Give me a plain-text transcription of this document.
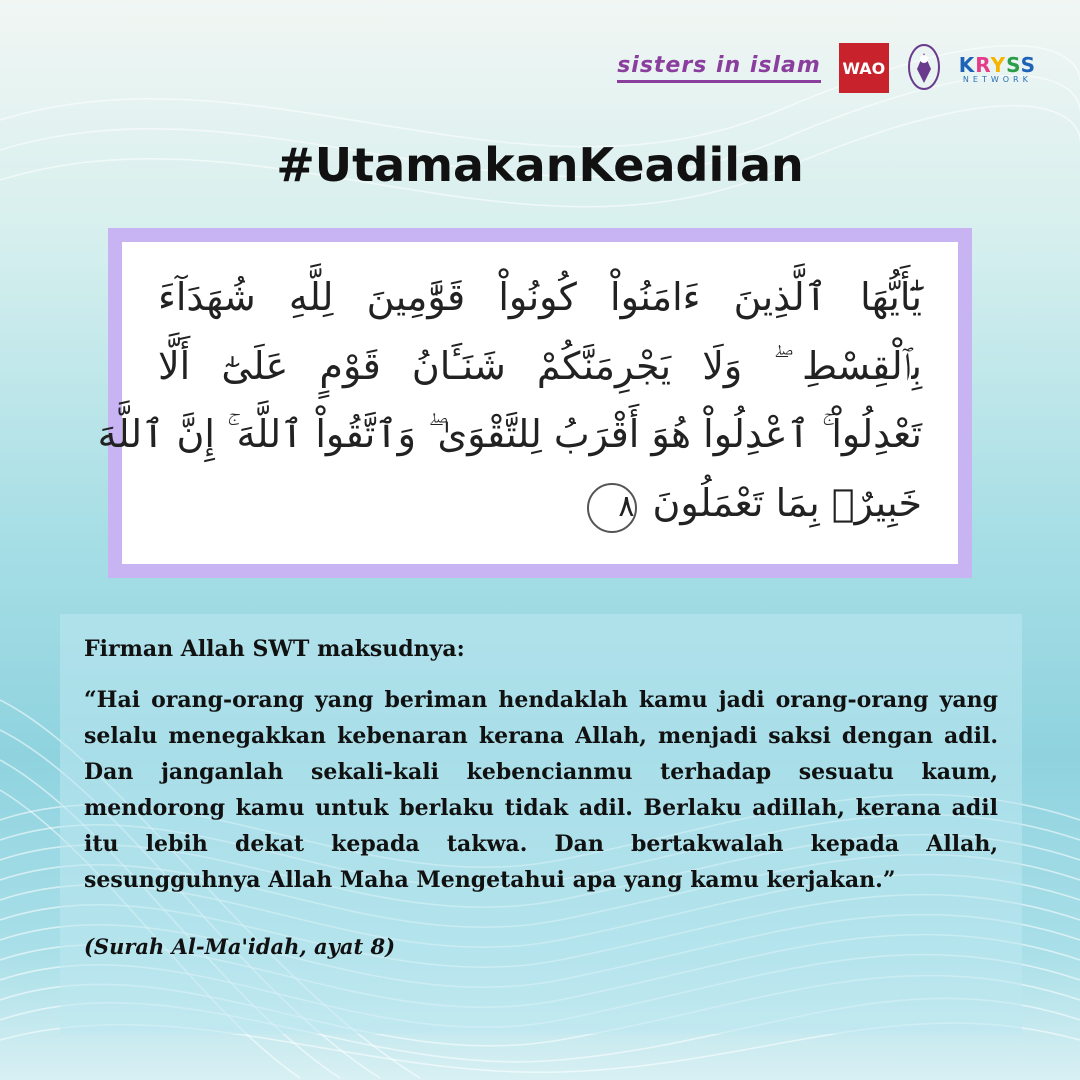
sisters in islam WAO	KRYSS
NETWORK
#UtamakanKeadilan
يَٰٓأَيُّهَا ٱلَّذِينَ ءَامَنُواْ كُونُواْ قَوَّٰمِينَ لِلَّهِ شُهَدَآءَ
بِٱلْقِسْطِ ۖ وَلَا يَجْرِمَنَّكُمْ شَنَـَٔانُ قَوْمٍ عَلَىٰٓ أَلَّا
تَعْدِلُواْ ۚ ٱعْدِلُواْ هُوَ أَقْرَبُ لِلتَّقْوَىٰ ۖ وَٱتَّقُواْ ٱللَّهَ ۚ إِنَّ ٱللَّهَ
خَبِيرٌۢ بِمَا تَعْمَلُونَ٨

Firman Allah SWT maksudnya:

“Hai orang-orang yang beriman hendaklah kamu jadi orang-orang yang selalu menegakkan kebenaran kerana Allah, menjadi saksi dengan adil. Dan janganlah sekali-kali kebencianmu terhadap sesuatu kaum, mendorong kamu untuk berlaku tidak adil. Berlaku adillah, kerana adil itu lebih dekat kepada takwa. Dan bertakwalah kepada Allah, sesungguhnya Allah Maha Mengetahui apa yang kamu kerjakan.”

(Surah Al-Ma'idah, ayat 8)
